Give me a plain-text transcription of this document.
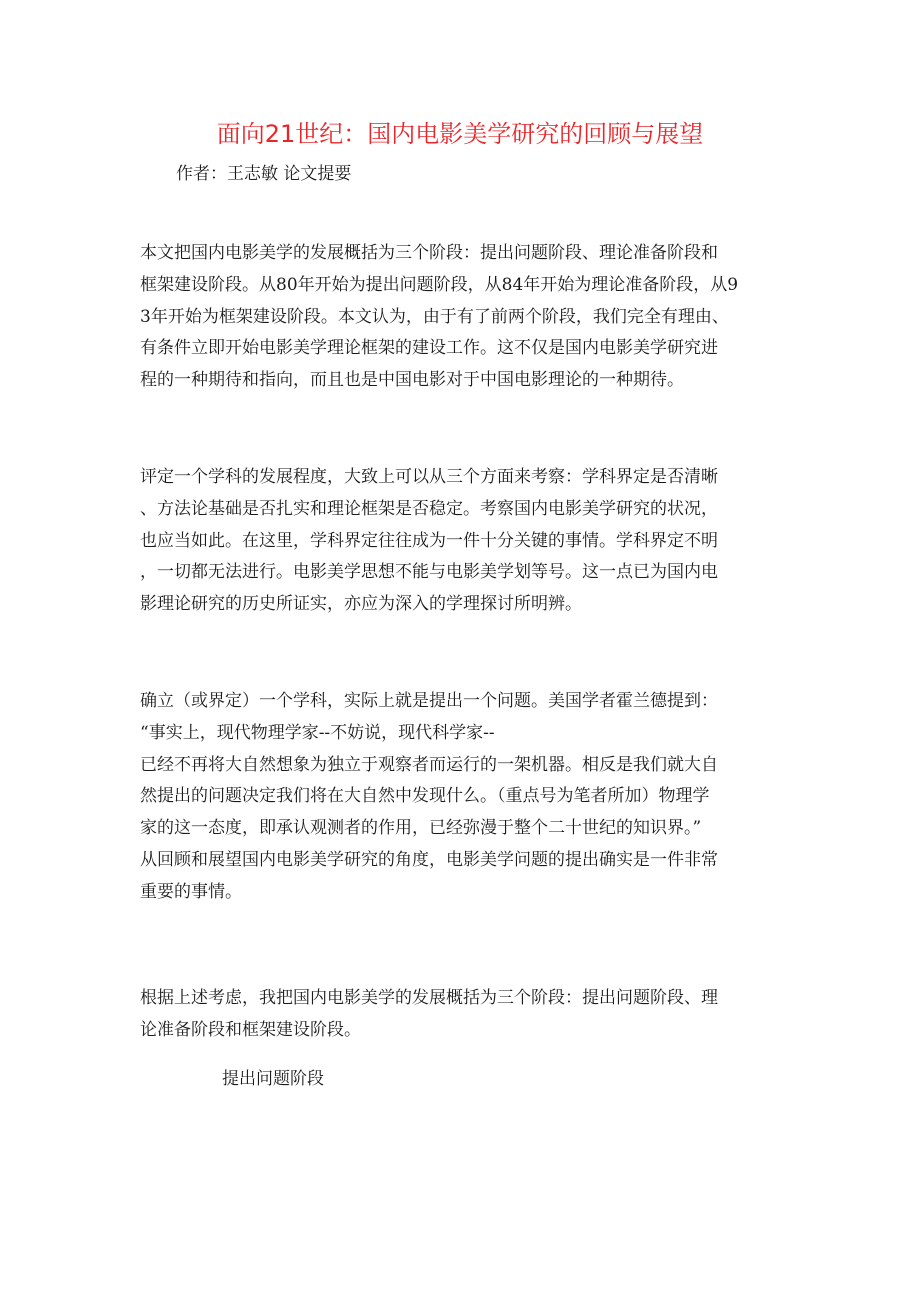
面向21世纪：国内电影美学研究的回顾与展望

作者：王志敏 论文提要

本文把国内电影美学的发展概括为三个阶段：提出问题阶段、理论准备阶段和
框架建设阶段。从80年开始为提出问题阶段，从84年开始为理论准备阶段，从9
3年开始为框架建设阶段。本文认为，由于有了前两个阶段，我们完全有理由、
有条件立即开始电影美学理论框架的建设工作。这不仅是国内电影美学研究进
程的一种期待和指向，而且也是中国电影对于中国电影理论的一种期待。

评定一个学科的发展程度，大致上可以从三个方面来考察：学科界定是否清晰
、方法论基础是否扎实和理论框架是否稳定。考察国内电影美学研究的状况，
也应当如此。在这里，学科界定往往成为一件十分关键的事情。学科界定不明
，一切都无法进行。电影美学思想不能与电影美学划等号。这一点已为国内电
影理论研究的历史所证实，亦应为深入的学理探讨所明辨。

确立（或界定）一个学科，实际上就是提出一个问题。美国学者霍兰德提到：
“事实上，现代物理学家--不妨说，现代科学家--
已经不再将大自然想象为独立于观察者而运行的一架机器。相反是我们就大自
然提出的问题决定我们将在大自然中发现什么。（重点号为笔者所加）物理学
家的这一态度，即承认观测者的作用，已经弥漫于整个二十世纪的知识界。”
从回顾和展望国内电影美学研究的角度，电影美学问题的提出确实是一件非常
重要的事情。

根据上述考虑，我把国内电影美学的发展概括为三个阶段：提出问题阶段、理
论准备阶段和框架建设阶段。

提出问题阶段
